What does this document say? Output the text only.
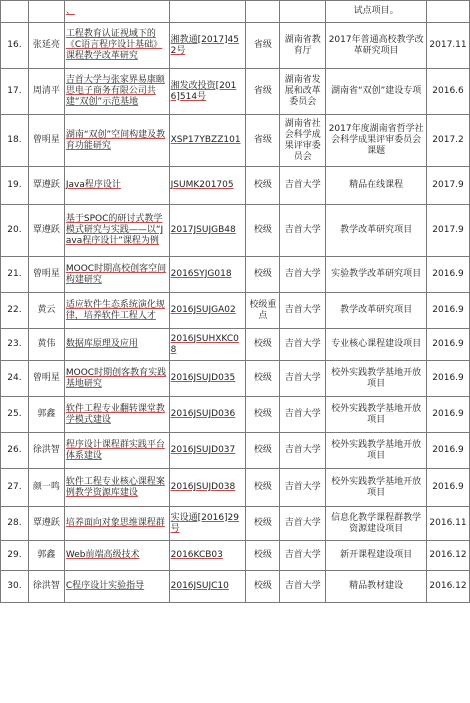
		、				试点项目。	
16.	张延亮	工程教育认证视域下的《C语言程序设计基础》课程教学改革研究	湘教通[2017]452号	省级	湖南省教育厅	2017年普通高校教学改革研究项目	2017.11
17.	周清平	吉首大学与张家界易康颐思电子商务有限公司共建“双创”示范基地	湘发改投资[2016]514号	省级	湖南省发展和改革委员会	湖南省“双创”建设专项	2016.6
18.	曾明星	湖南“双创”空间构建及教育功能研究	XSP17YBZZ101	省级	湖南省社会科学成果评审委员会	2017年度湖南省哲学社会科学成果评审委员会课题	2017.2
19.	覃遵跃	Java程序设计	JSUMK201705	校级	吉首大学	精品在线课程	2017.9
20.	覃遵跃	基于SPOC的研讨式教学模式研究与实践——以“Java程序设计”课程为例	2017JSUJGB48	校级	吉首大学	教学改革研究项目	2017.9
21.	曾明星	MOOC时期高校创客空间构建研究	2016SYJG018	校级	吉首大学	实验教学改革研究项目	2016.9
22.	黄云	适应软件生态系统演化规律，培养软件工程人才	2016JSUJGA02	校级重点	吉首大学	教学改革研究项目	2016.9
23.	黄伟	数据库原理及应用	2016JSUHXKC08	校级	吉首大学	专业核心课程建设项目	2016.9
24.	曾明星	MOOC时期创客教育实践基地研究	2016JSUJD035	校级	吉首大学	校外实践教学基地开放项目	2016.9
25.	郭鑫	软件工程专业翻转课堂教学模式建设	2016JSUJD036	校级	吉首大学	校外实践教学基地开放项目	2016.9
26.	徐洪智	程序设计课程群实践平台体系建设	2016JSUJD037	校级	吉首大学	校外实践教学基地开放项目	2016.9
27.	颜一鸣	软件工程专业核心课程案例教学资源库建设	2016JSUJD038	校级	吉首大学	校外实践教学基地开放项目	2016.9
28.	覃遵跃	培养面向对象思维课程群	实设通[2016]29号	校级	吉首大学	信息化教学课程群教学资源建设项目	2016.11
29.	郭鑫	Web前端高级技术	2016KCB03	校级	吉首大学	新开课程建设项目	2016.12
30.	徐洪智	C程序设计实验指导	2016JSUJC10	校级	吉首大学	精品教材建设	2016.12
